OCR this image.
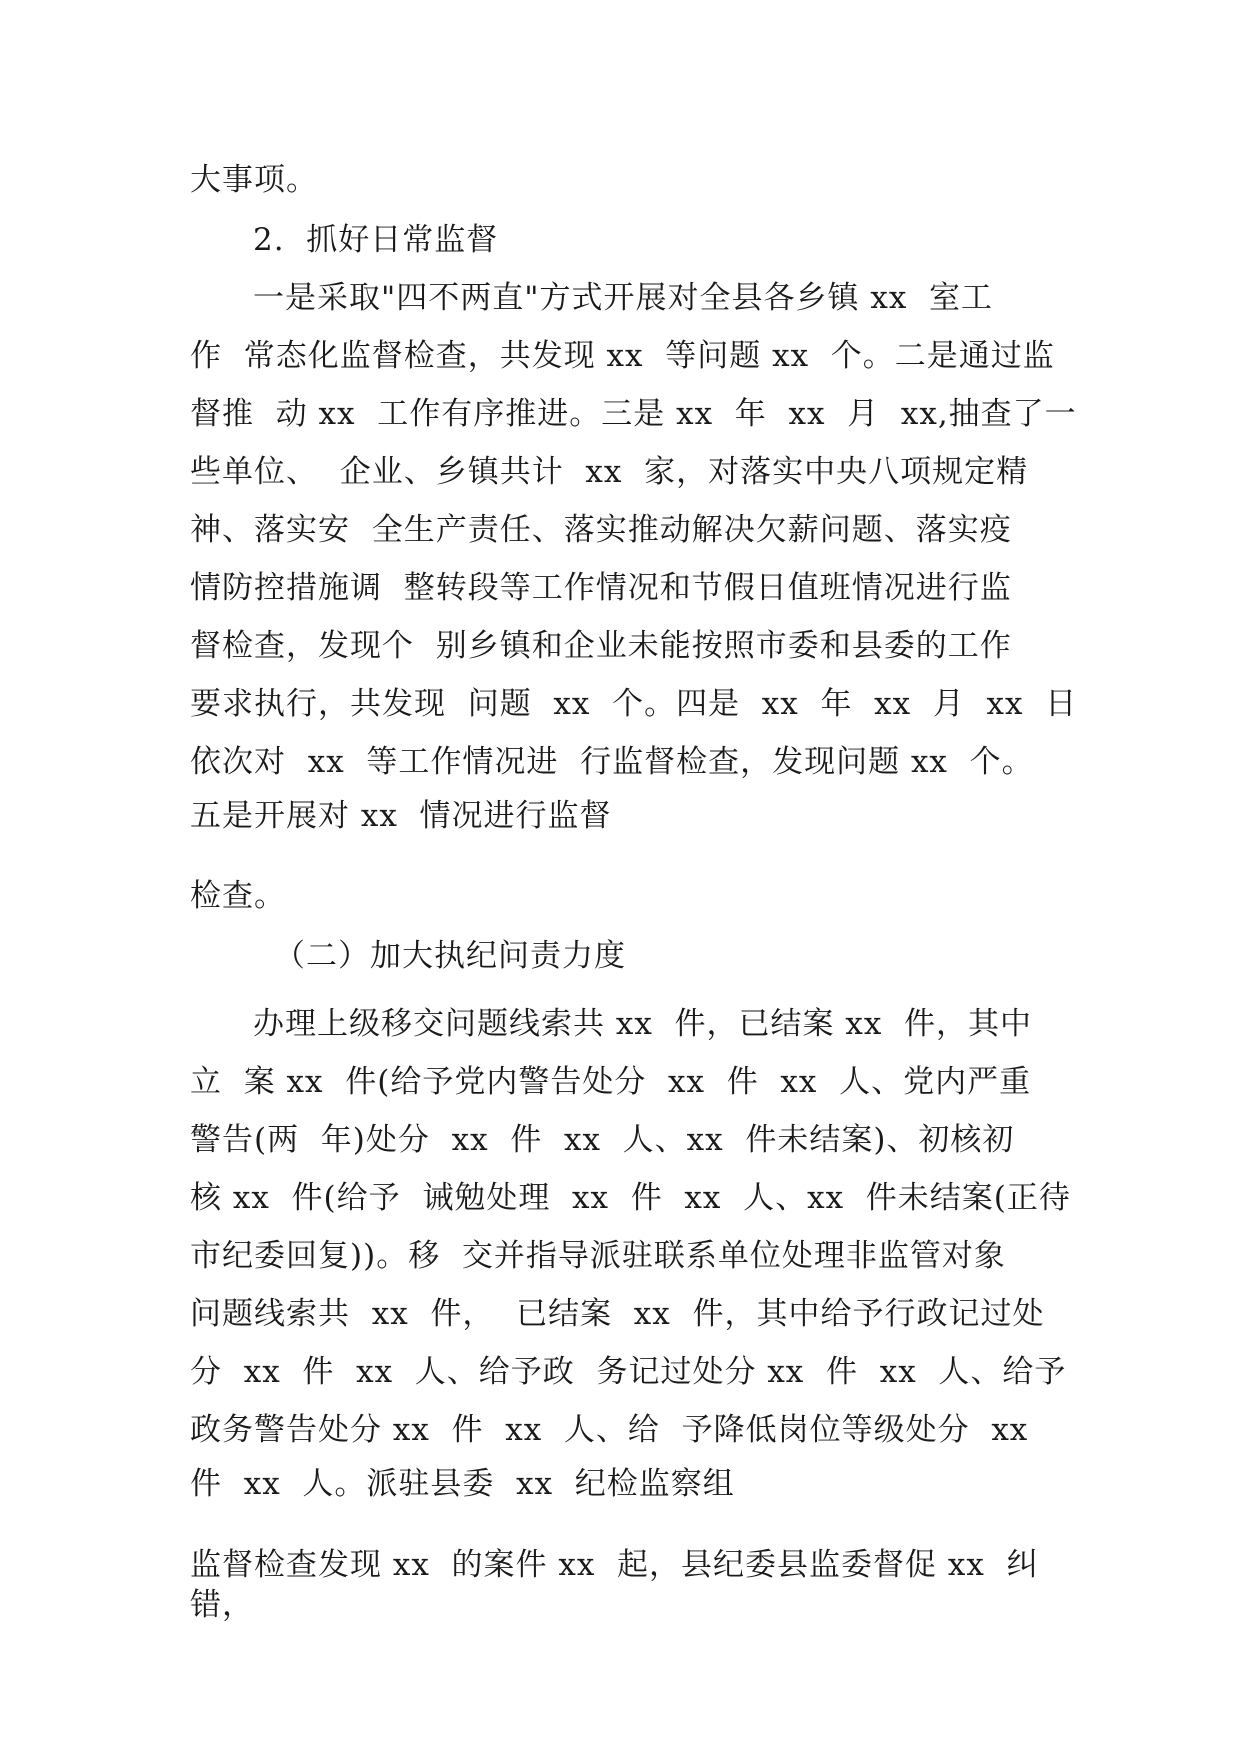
大事项。
2.  抓好日常监督
一是采取"四不两直"方式开展对全县各乡镇 xx  室工
作  常态化监督检查，共发现 xx  等问题 xx  个。二是通过监
督推  动 xx  工作有序推进。三是 xx  年  xx  月  xx,抽查了一
些单位、  企业、乡镇共计  xx  家，对落实中央八项规定精
神、落实安  全生产责任、落实推动解决欠薪问题、落实疫
情防控措施调  整转段等工作情况和节假日值班情况进行监
督检查，发现个  别乡镇和企业未能按照市委和县委的工作
要求执行，共发现  问题  xx  个。四是  xx  年  xx  月  xx  日
依次对  xx  等工作情况进  行监督检查，发现问题 xx  个。
五是开展对 xx  情况进行监督
检查。
（二）加大执纪问责力度
办理上级移交问题线索共 xx  件，已结案 xx  件，其中
立  案 xx  件(给予党内警告处分  xx  件  xx  人、党内严重
警告(两  年)处分  xx  件  xx  人、xx  件未结案)、初核初
核 xx  件(给予  诫勉处理  xx  件  xx  人、xx  件未结案(正待
市纪委回复))。移  交并指导派驻联系单位处理非监管对象
问题线索共  xx  件，  已结案  xx  件，其中给予行政记过处
分  xx  件  xx  人、给予政  务记过处分 xx  件  xx  人、给予
政务警告处分 xx  件  xx  人、给  予降低岗位等级处分  xx
件  xx  人。派驻县委  xx  纪检监察组
监督检查发现 xx  的案件 xx  起，县纪委县监委督促 xx  纠
错，
